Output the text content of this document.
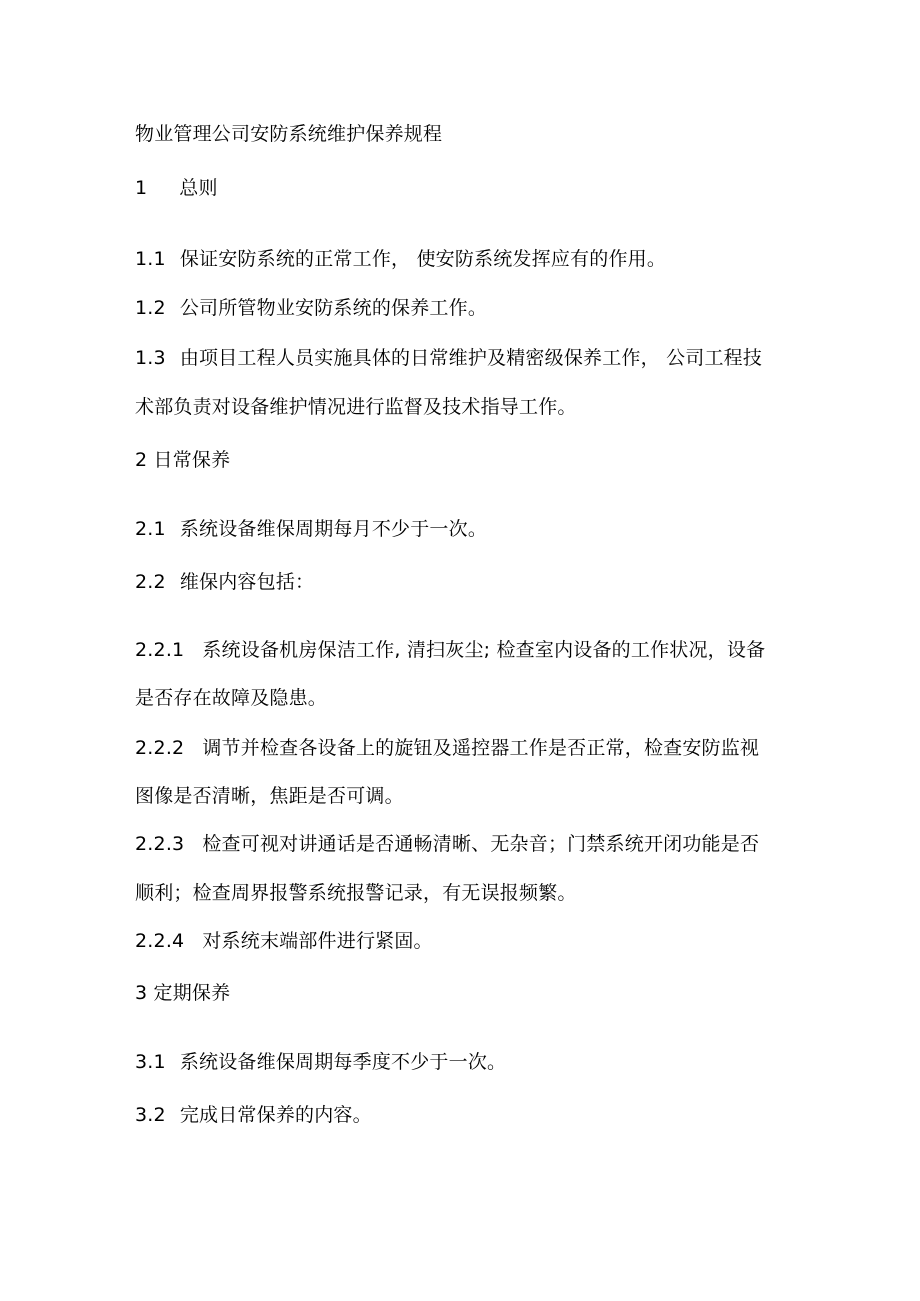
物业管理公司安防系统维护保养规程
1 总则
1.1 保证安防系统的正常工作， 使安防系统发挥应有的作用。
1.2 公司所管物业安防系统的保养工作。
1.3 由项目工程人员实施具体的日常维护及精密级保养工作， 公司工程技
术部负责对设备维护情况进行监督及技术指导工作。
2 日常保养
2.1 系统设备维保周期每月不少于一次。
2.2 维保内容包括：
2.2.1 系统设备机房保洁工作, 清扫灰尘; 检查室内设备的工作状况，设备
是否存在故障及隐患。
2.2.2 调节并检查各设备上的旋钮及遥控器工作是否正常，检查安防监视
图像是否清晰，焦距是否可调。
2.2.3 检查可视对讲通话是否通畅清晰、无杂音；门禁系统开闭功能是否
顺利；检查周界报警系统报警记录，有无误报频繁。
2.2.4 对系统末端部件进行紧固。
3 定期保养
3.1 系统设备维保周期每季度不少于一次。
3.2 完成日常保养的内容。
